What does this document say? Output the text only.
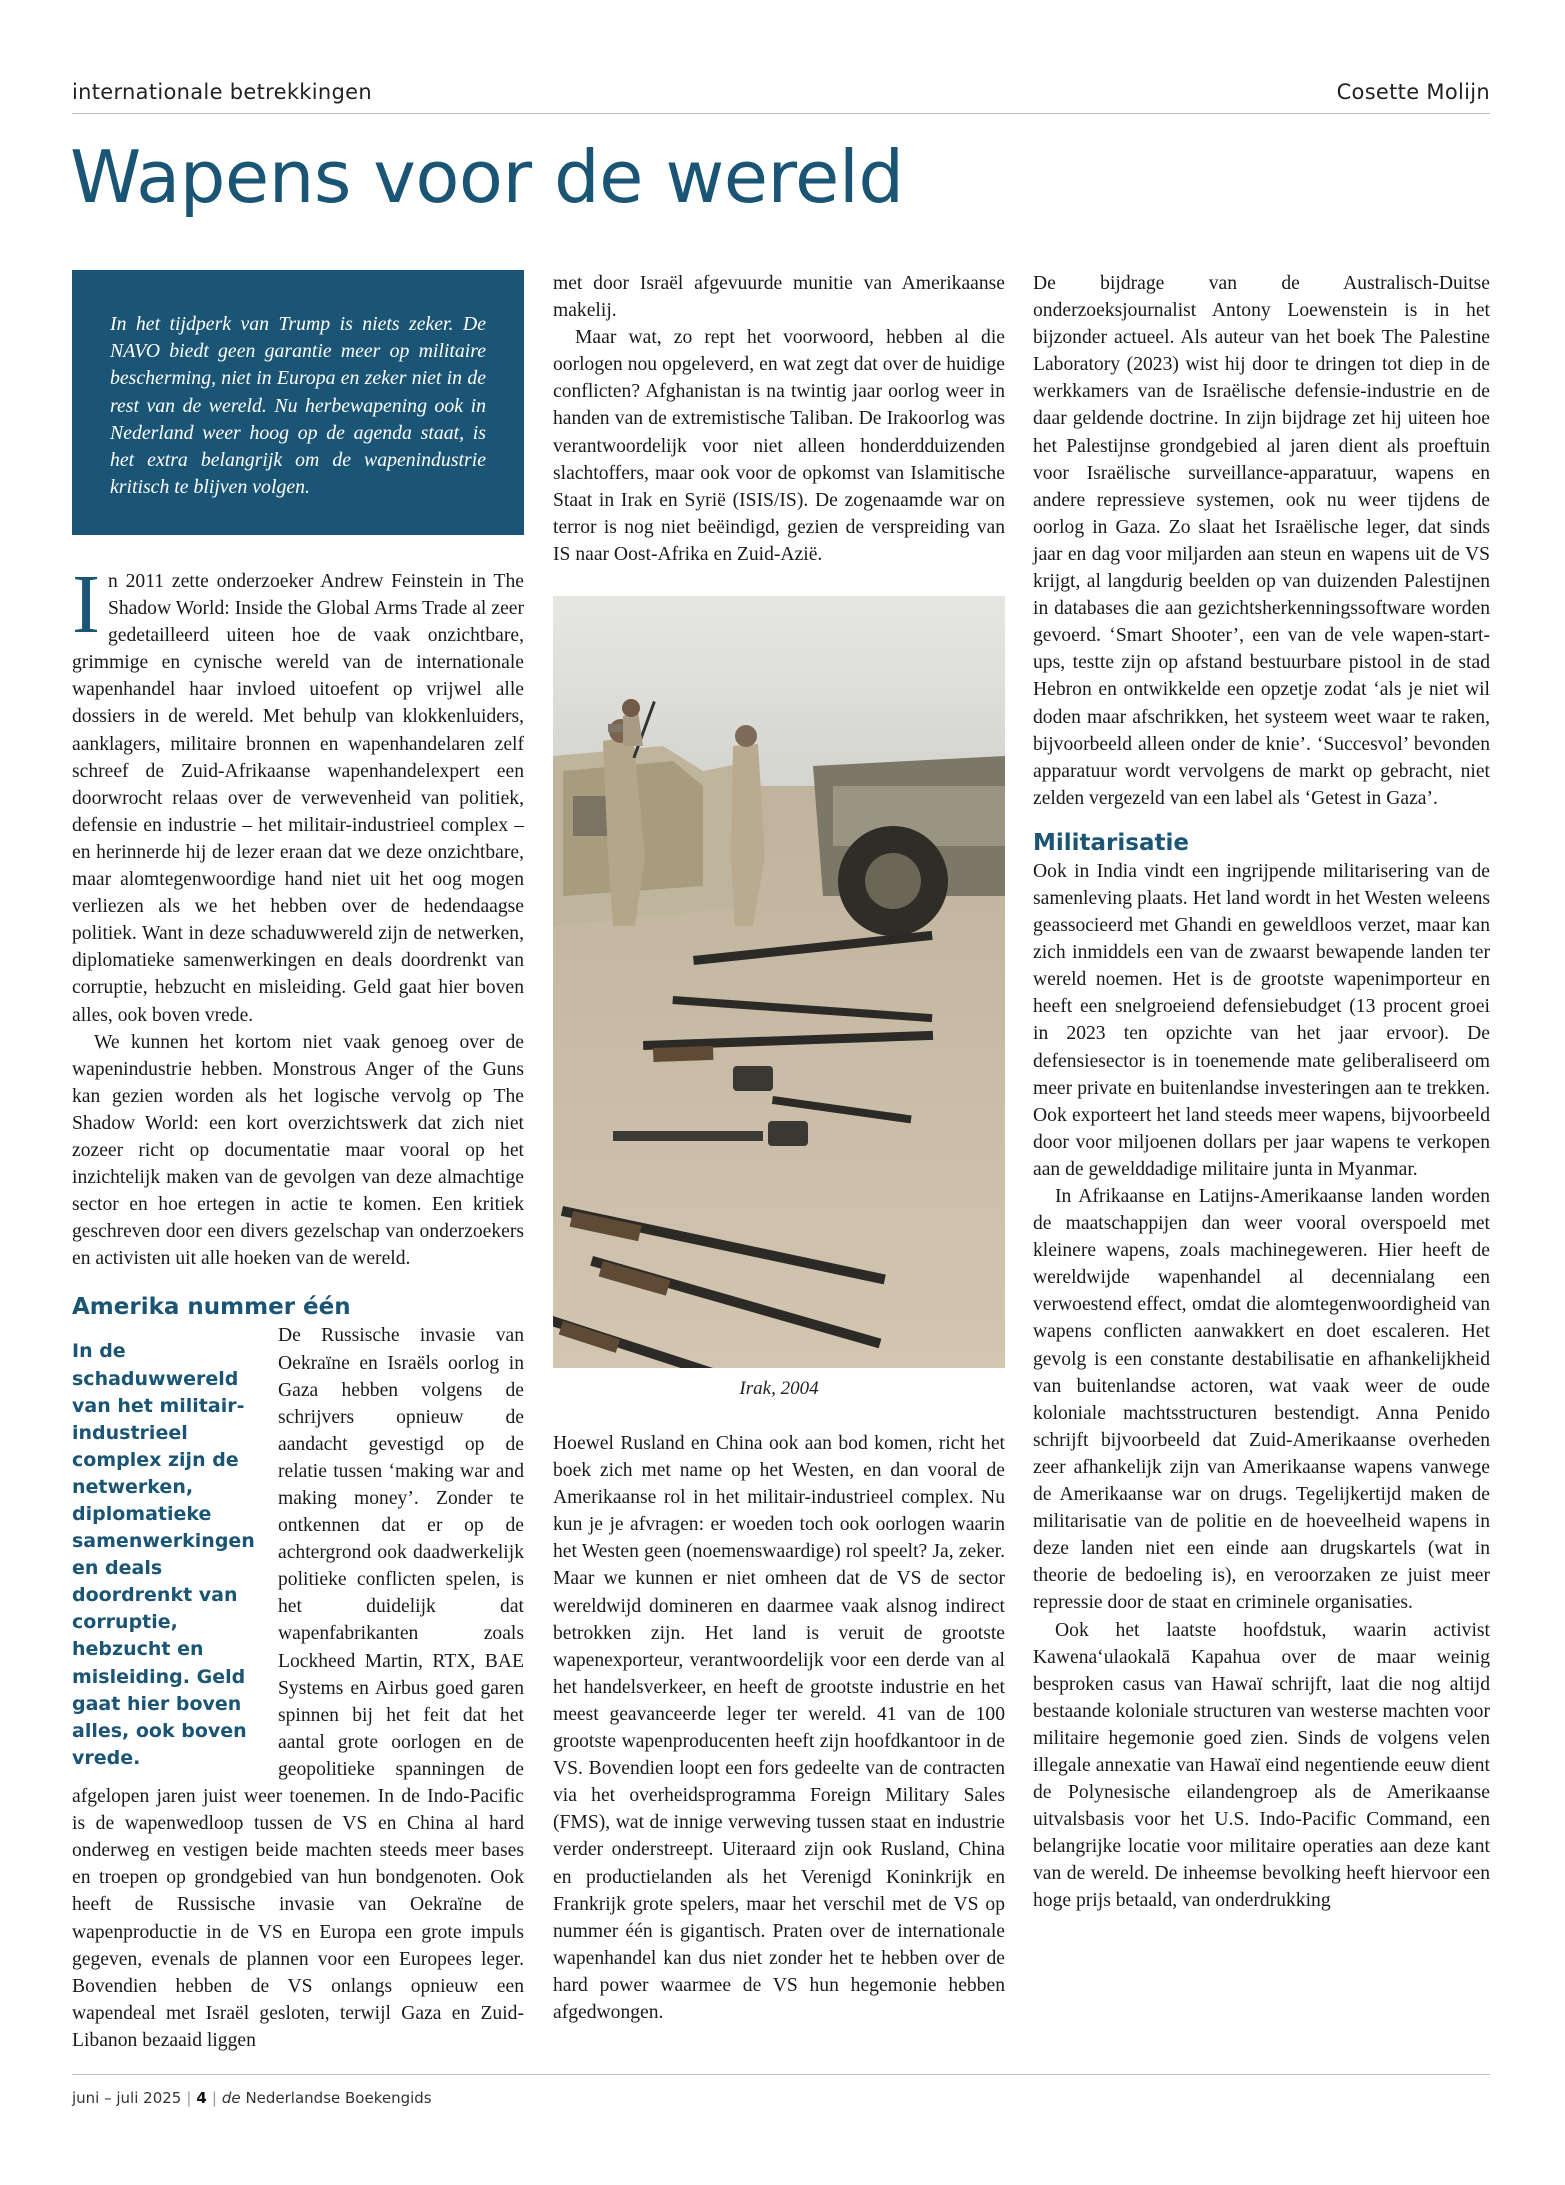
internationale betrekkingen	Cosette Molijn
Wapens voor de wereld

In het tijdperk van Trump is niets zeker. De NAVO biedt geen garantie meer op militaire bescherming, niet in Europa en zeker niet in de rest van de wereld. Nu herbewapening ook in Nederland weer hoog op de agenda staat, is het extra belangrijk om de wapenindustrie kritisch te blijven volgen.

In 2011 zette onderzoeker Andrew Feinstein in The Shadow World: Inside the Global Arms Trade al zeer gedetailleerd uiteen hoe de vaak onzichtbare, grimmige en cynische wereld van de internationale wapenhandel haar invloed uitoefent op vrijwel alle dossiers in de wereld. Met behulp van klokkenluiders, aanklagers, militaire bronnen en wapenhandelaren zelf schreef de Zuid-Afrikaanse wapenhandelexpert een doorwrocht relaas over de verwevenheid van politiek, defensie en industrie – het militair-industrieel complex – en herinnerde hij de lezer eraan dat we deze onzichtbare, maar alomtegenwoordige hand niet uit het oog mogen verliezen als we het hebben over de hedendaagse politiek. Want in deze schaduwwereld zijn de netwerken, diplomatieke samenwerkingen en deals doordrenkt van corruptie, hebzucht en misleiding. Geld gaat hier boven alles, ook boven vrede.

We kunnen het kortom niet vaak genoeg over de wapenindustrie hebben. Monstrous Anger of the Guns kan gezien worden als het logische vervolg op The Shadow World: een kort overzichtswerk dat zich niet zozeer richt op documentatie maar vooral op het inzichtelijk maken van de gevolgen van deze almachtige sector en hoe ertegen in actie te komen. Een kritiek geschreven door een divers gezelschap van onderzoekers en activisten uit alle hoeken van de wereld.

Amerika nummer één

In de schaduwwereld van het militair-industrieel complex zijn de netwerken, diplomatieke samenwerkingen en deals doordrenkt van corruptie, hebzucht en misleiding. Geld gaat hier boven alles, ook boven vrede.
De Russische invasie van Oekraïne en Israëls oorlog in Gaza hebben volgens de schrijvers opnieuw de aandacht gevestigd op de relatie tussen ‘making war and making money’. Zonder te ontkennen dat er op de achtergrond ook daadwerkelijk politieke conflicten spelen, is het duidelijk dat wapenfabrikanten zoals Lockheed Martin, RTX, BAE Systems en Airbus goed garen spinnen bij het feit dat het aantal grote oorlogen en de geopolitieke spanningen de afgelopen jaren juist weer toenemen. In de Indo-Pacific is de wapenwedloop tussen de VS en China al hard onderweg en vestigen beide machten steeds meer bases en troepen op grondgebied van hun bondgenoten. Ook heeft de Russische invasie van Oekraïne de wapenproductie in de VS en Europa een grote impuls gegeven, evenals de plannen voor een Europees leger. Bovendien hebben de VS onlangs opnieuw een wapendeal met Israël gesloten, terwijl Gaza en Zuid-Libanon bezaaid liggen

met door Israël afgevuurde munitie van Amerikaanse makelij.

Maar wat, zo rept het voorwoord, hebben al die oorlogen nou opgeleverd, en wat zegt dat over de huidige conflicten? Afghanistan is na twintig jaar oorlog weer in handen van de extremistische Taliban. De Irakoorlog was verantwoordelijk voor niet alleen honderdduizenden slachtoffers, maar ook voor de opkomst van Islamitische Staat in Irak en Syrië (ISIS/IS). De zogenaamde war on terror is nog niet beëindigd, gezien de verspreiding van IS naar Oost-Afrika en Zuid-Azië.

Irak, 2004

Hoewel Rusland en China ook aan bod komen, richt het boek zich met name op het Westen, en dan vooral de Amerikaanse rol in het militair-industrieel complex. Nu kun je je afvragen: er woeden toch ook oorlogen waarin het Westen geen (noemenswaardige) rol speelt? Ja, zeker. Maar we kunnen er niet omheen dat de VS de sector wereldwijd domineren en daarmee vaak alsnog indirect betrokken zijn. Het land is veruit de grootste wapenexporteur, verantwoordelijk voor een derde van al het handelsverkeer, en heeft de grootste industrie en het meest geavanceerde leger ter wereld. 41 van de 100 grootste wapenproducenten heeft zijn hoofdkantoor in de VS. Bovendien loopt een fors gedeelte van de contracten via het overheidsprogramma Foreign Military Sales (FMS), wat de innige verweving tussen staat en industrie verder onderstreept. Uiteraard zijn ook Rusland, China en productielanden als het Verenigd Koninkrijk en Frankrijk grote spelers, maar het verschil met de VS op nummer één is gigantisch. Praten over de internationale wapenhandel kan dus niet zonder het te hebben over de hard power waarmee de VS hun hegemonie hebben afgedwongen.

De bijdrage van de Australisch-Duitse onderzoeksjournalist Antony Loewenstein is in het bijzonder actueel. Als auteur van het boek The Palestine Laboratory (2023) wist hij door te dringen tot diep in de werkkamers van de Israëlische defensie-industrie en de daar geldende doctrine. In zijn bijdrage zet hij uiteen hoe het Palestijnse grondgebied al jaren dient als proeftuin voor Israëlische surveillance-apparatuur, wapens en andere repressieve systemen, ook nu weer tijdens de oorlog in Gaza. Zo slaat het Israëlische leger, dat sinds jaar en dag voor miljarden aan steun en wapens uit de VS krijgt, al langdurig beelden op van duizenden Palestijnen in databases die aan gezichtsherkenningssoftware worden gevoerd. ‘Smart Shooter’, een van de vele wapen-start-ups, testte zijn op afstand bestuurbare pistool in de stad Hebron en ontwikkelde een opzetje zodat ‘als je niet wil doden maar afschrikken, het systeem weet waar te raken, bijvoorbeeld alleen onder de knie’. ‘Succesvol’ bevonden apparatuur wordt vervolgens de markt op gebracht, niet zelden vergezeld van een label als ‘Getest in Gaza’.

Militarisatie

Ook in India vindt een ingrijpende militarisering van de samenleving plaats. Het land wordt in het Westen weleens geassocieerd met Ghandi en geweldloos verzet, maar kan zich inmiddels een van de zwaarst bewapende landen ter wereld noemen. Het is de grootste wapenimporteur en heeft een snelgroeiend defensiebudget (13 procent groei in 2023 ten opzichte van het jaar ervoor). De defensiesector is in toenemende mate geliberaliseerd om meer private en buitenlandse investeringen aan te trekken. Ook exporteert het land steeds meer wapens, bijvoorbeeld door voor miljoenen dollars per jaar wapens te verkopen aan de gewelddadige militaire junta in Myanmar.

In Afrikaanse en Latijns-Amerikaanse landen worden de maatschappijen dan weer vooral overspoeld met kleinere wapens, zoals machinegeweren. Hier heeft de wereldwijde wapenhandel al decennialang een verwoestend effect, omdat die alomtegenwoordigheid van wapens conflicten aanwakkert en doet escaleren. Het gevolg is een constante destabilisatie en afhankelijkheid van buitenlandse actoren, wat vaak weer de oude koloniale machtsstructuren bestendigt. Anna Penido schrijft bijvoorbeeld dat Zuid-Amerikaanse overheden zeer afhankelijk zijn van Amerikaanse wapens vanwege de Amerikaanse war on drugs. Tegelijkertijd maken de militarisatie van de politie en de hoeveelheid wapens in deze landen niet een einde aan drugskartels (wat in theorie de bedoeling is), en veroorzaken ze juist meer repressie door de staat en criminele organisaties.

Ook het laatste hoofdstuk, waarin activist Kawena‘ulaokalā Kapahua over de maar weinig besproken casus van Hawaï schrijft, laat die nog altijd bestaande koloniale structuren van westerse machten voor militaire hegemonie goed zien. Sinds de volgens velen illegale annexatie van Hawaï eind negentiende eeuw dient de Polynesische eilandengroep als de Amerikaanse uitvalsbasis voor het U.S. Indo-Pacific Command, een belangrijke locatie voor militaire operaties aan deze kant van de wereld. De inheemse bevolking heeft hiervoor een hoge prijs betaald, van onderdrukking

juni – juli 2025 | 4 | de Nederlandse Boekengids
